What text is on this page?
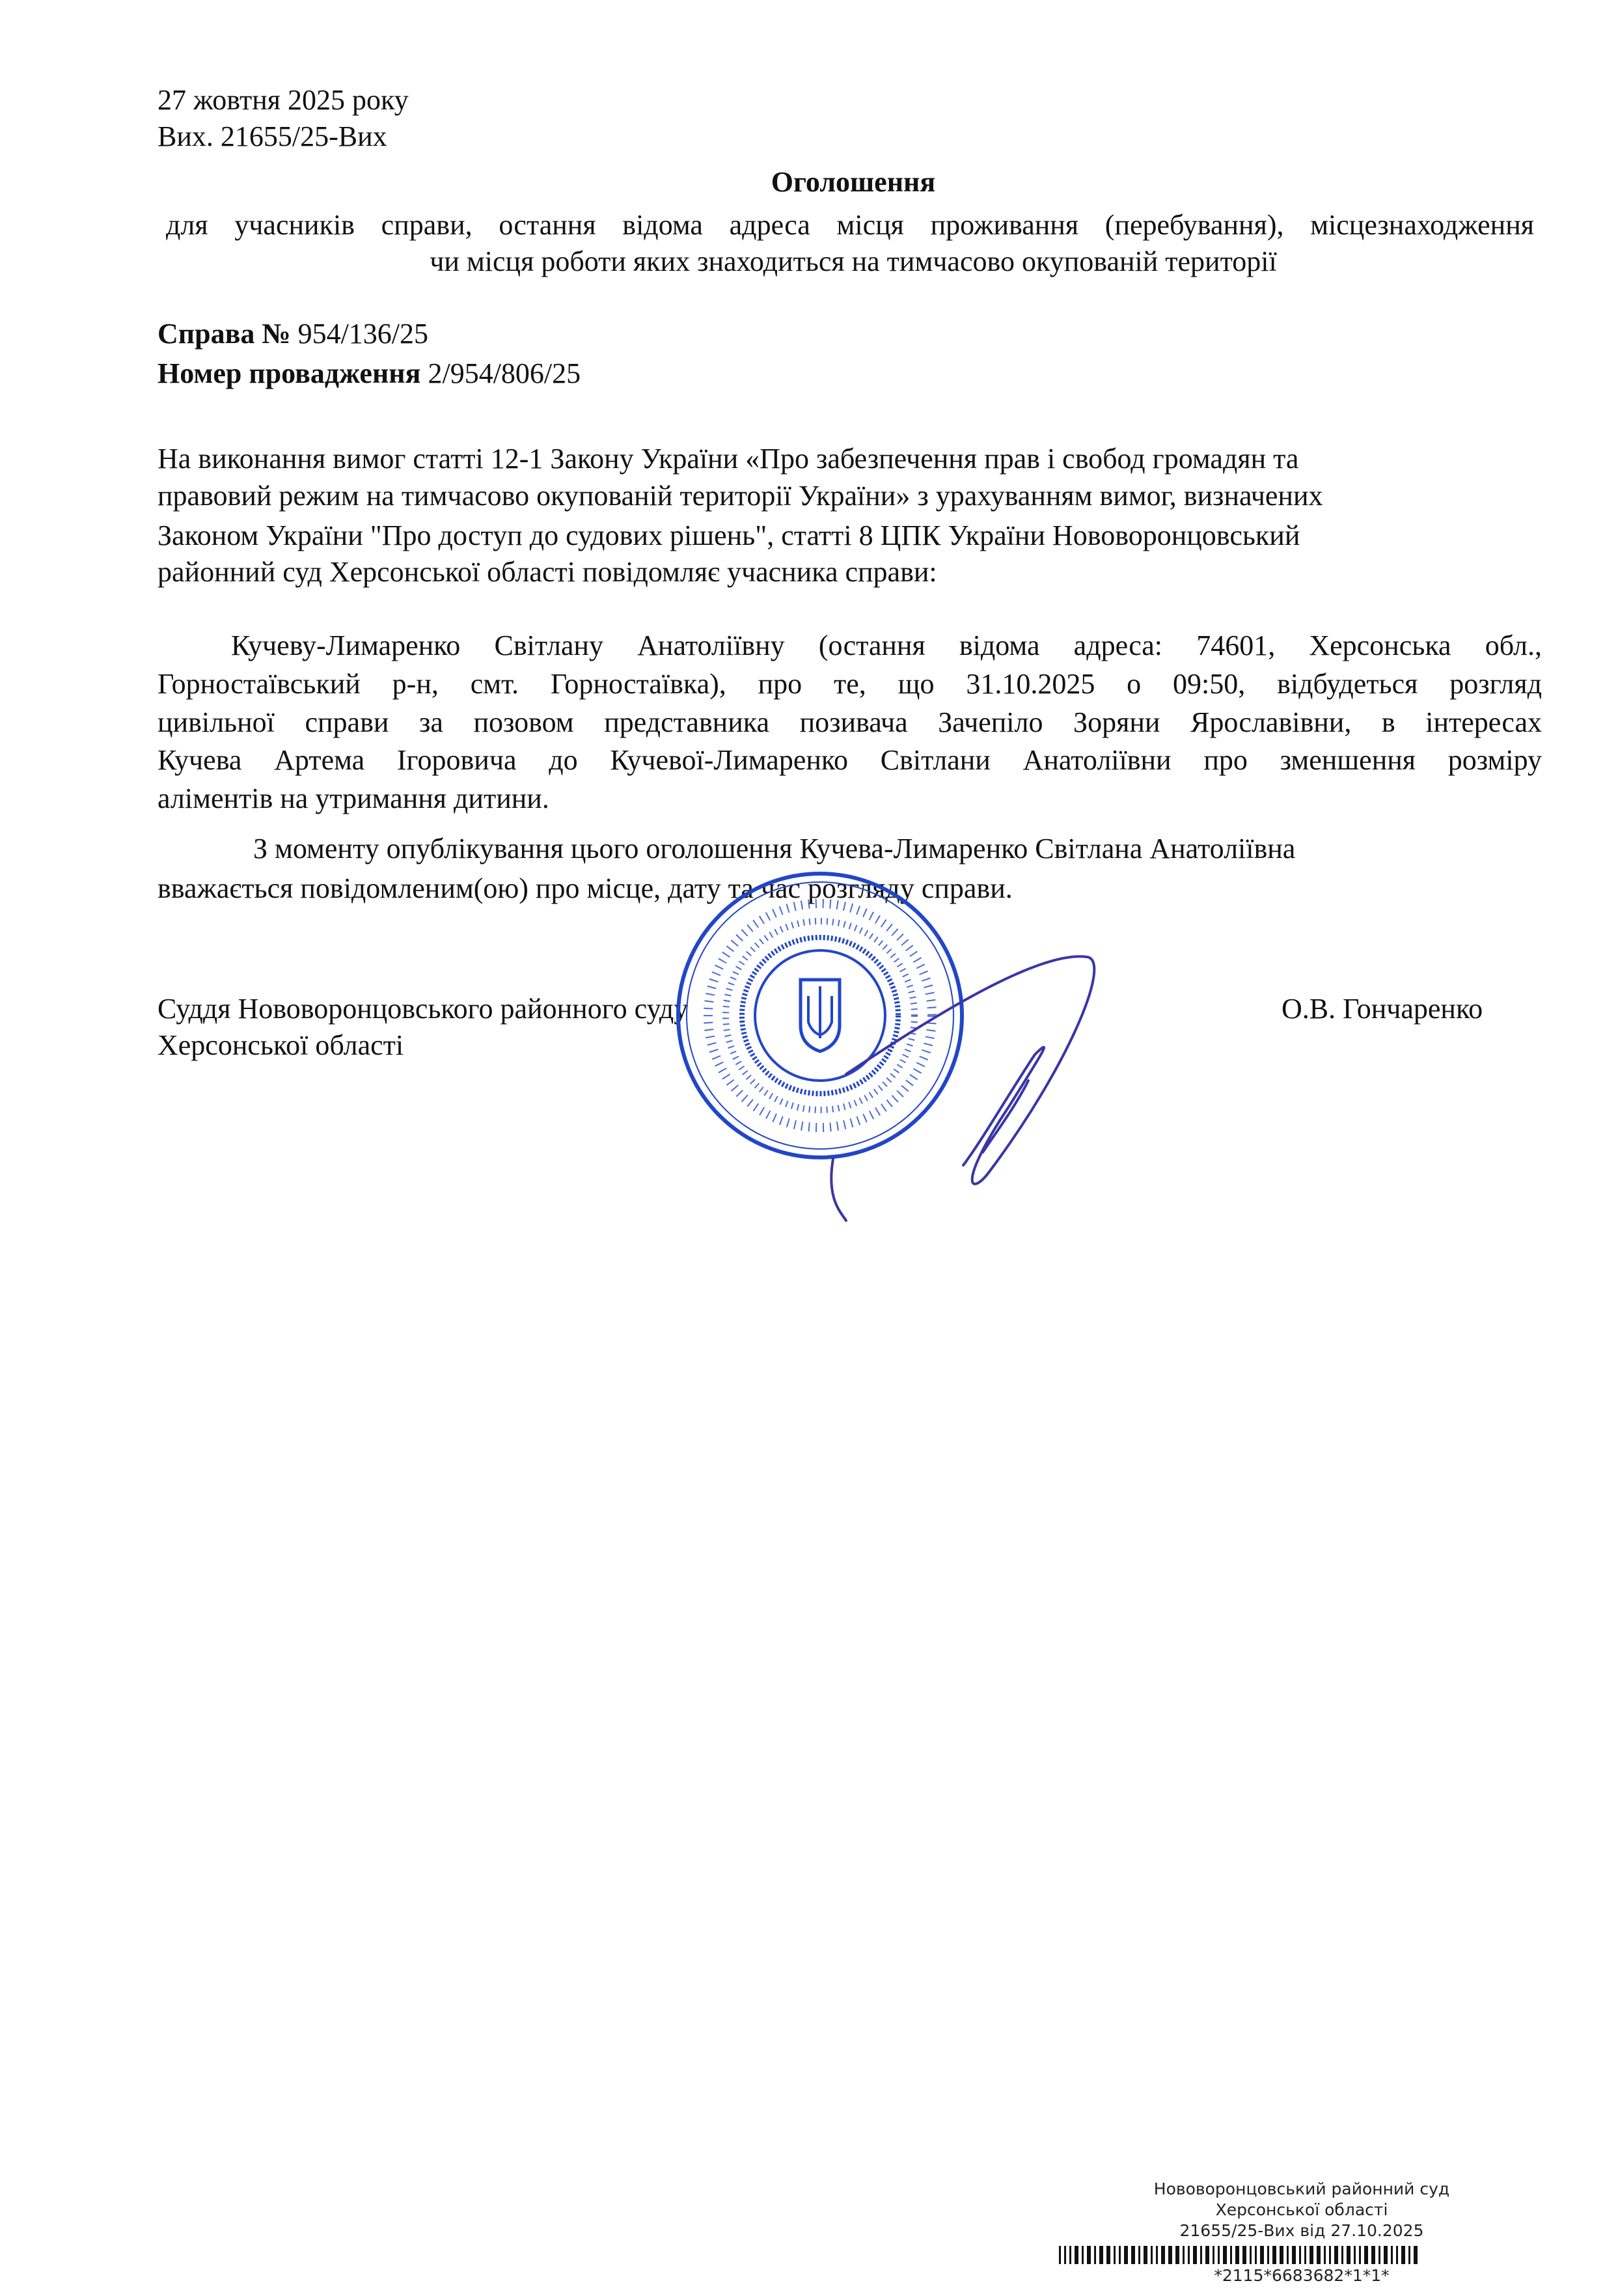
27 жовтня 2025 року
Вих. 21655/25-Вих
Оголошення
для учасників справи, остання відома адреса місця проживання (перебування), місцезнаходження
чи місця роботи яких знаходиться на тимчасово окупованій території
Справа № 954/136/25
Номер провадження 2/954/806/25
На виконання вимог статті 12-1 Закону України «Про забезпечення прав і свобод громадян та
правовий режим на тимчасово окупованій території України» з урахуванням вимог, визначених
Законом України "Про доступ до судових рішень", статті 8 ЦПК України Нововоронцовський
районний суд Херсонської області повідомляє учасника справи:
Кучеву-Лимаренко Світлану Анатоліївну (остання відома адреса: 74601, Херсонська обл.,
Горностаївський р-н, смт. Горностаївка), про те, що 31.10.2025 о 09:50, відбудеться розгляд
цивільної справи за позовом представника позивача Зачепіло Зоряни Ярославівни, в інтересах
Кучева Артема Ігоровича до Кучевої-Лимаренко Світлани Анатоліївни про зменшення розміру
аліментів на утримання дитини.
З моменту опублікування цього оголошення Кучева-Лимаренко Світлана Анатоліївна
вважається повідомленим(ою) про місце, дату та час розгляду справи.
Суддя Нововоронцовського районного суду
Херсонської області
О.В. Гончаренко
Нововоронцовський районний суд
Херсонської області
21655/25-Вих від 27.10.2025
*2115*6683682*1*1*
